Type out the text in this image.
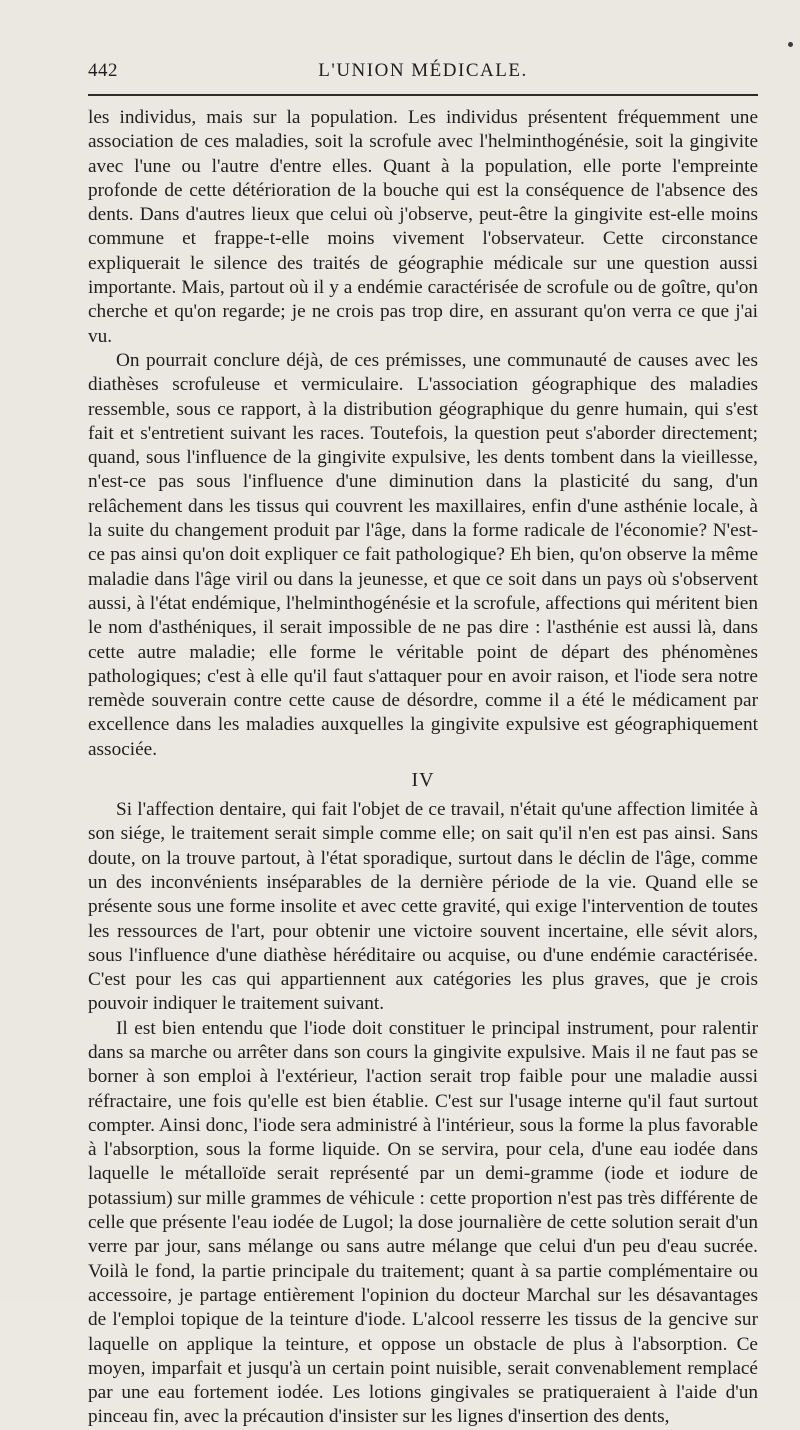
442	L'UNION MÉDICALE.

les individus, mais sur la population. Les individus présentent fréquemment une association de ces maladies, soit la scrofule avec l'helminthogénésie, soit la gingivite avec l'une ou l'autre d'entre elles. Quant à la population, elle porte l'empreinte profonde de cette détérioration de la bouche qui est la conséquence de l'absence des dents. Dans d'autres lieux que celui où j'observe, peut-être la gingivite est-elle moins commune et frappe-t-elle moins vivement l'observateur. Cette circonstance expliquerait le silence des traités de géographie médicale sur une question aussi importante. Mais, partout où il y a endémie caractérisée de scrofule ou de goître, qu'on cherche et qu'on regarde; je ne crois pas trop dire, en assurant qu'on verra ce que j'ai vu.

On pourrait conclure déjà, de ces prémisses, une communauté de causes avec les diathèses scrofuleuse et vermiculaire. L'association géographique des maladies ressemble, sous ce rapport, à la distribution géographique du genre humain, qui s'est fait et s'entretient suivant les races. Toutefois, la question peut s'aborder directement; quand, sous l'influence de la gingivite expulsive, les dents tombent dans la vieillesse, n'est-ce pas sous l'influence d'une diminution dans la plasticité du sang, d'un relâchement dans les tissus qui couvrent les maxillaires, enfin d'une asthénie locale, à la suite du changement produit par l'âge, dans la forme radicale de l'économie? N'est-ce pas ainsi qu'on doit expliquer ce fait pathologique? Eh bien, qu'on observe la même maladie dans l'âge viril ou dans la jeunesse, et que ce soit dans un pays où s'observent aussi, à l'état endémique, l'helminthogénésie et la scrofule, affections qui méritent bien le nom d'asthéniques, il serait impossible de ne pas dire : l'asthénie est aussi là, dans cette autre maladie; elle forme le véritable point de départ des phénomènes pathologiques; c'est à elle qu'il faut s'attaquer pour en avoir raison, et l'iode sera notre remède souverain contre cette cause de désordre, comme il a été le médicament par excellence dans les maladies auxquelles la gingivite expulsive est géographiquement associée.

IV

Si l'affection dentaire, qui fait l'objet de ce travail, n'était qu'une affection limitée à son siége, le traitement serait simple comme elle; on sait qu'il n'en est pas ainsi. Sans doute, on la trouve partout, à l'état sporadique, surtout dans le déclin de l'âge, comme un des inconvénients inséparables de la dernière période de la vie. Quand elle se présente sous une forme insolite et avec cette gravité, qui exige l'intervention de toutes les ressources de l'art, pour obtenir une victoire souvent incertaine, elle sévit alors, sous l'influence d'une diathèse héréditaire ou acquise, ou d'une endémie caractérisée. C'est pour les cas qui appartiennent aux catégories les plus graves, que je crois pouvoir indiquer le traitement suivant.

Il est bien entendu que l'iode doit constituer le principal instrument, pour ralentir dans sa marche ou arrêter dans son cours la gingivite expulsive. Mais il ne faut pas se borner à son emploi à l'extérieur, l'action serait trop faible pour une maladie aussi réfractaire, une fois qu'elle est bien établie. C'est sur l'usage interne qu'il faut surtout compter. Ainsi donc, l'iode sera administré à l'intérieur, sous la forme la plus favorable à l'absorption, sous la forme liquide. On se servira, pour cela, d'une eau iodée dans laquelle le métalloïde serait représenté par un demi-gramme (iode et iodure de potassium) sur mille grammes de véhicule : cette proportion n'est pas très différente de celle que présente l'eau iodée de Lugol; la dose journalière de cette solution serait d'un verre par jour, sans mélange ou sans autre mélange que celui d'un peu d'eau sucrée. Voilà le fond, la partie principale du traitement; quant à sa partie complémentaire ou accessoire, je partage entièrement l'opinion du docteur Marchal sur les désavantages de l'emploi topique de la teinture d'iode. L'alcool resserre les tissus de la gencive sur laquelle on applique la teinture, et oppose un obstacle de plus à l'absorption. Ce moyen, imparfait et jusqu'à un certain point nuisible, serait convenablement remplacé par une eau fortement iodée. Les lotions gingivales se pratiqueraient à l'aide d'un pinceau fin, avec la précaution d'insister sur les lignes d'insertion des dents,
